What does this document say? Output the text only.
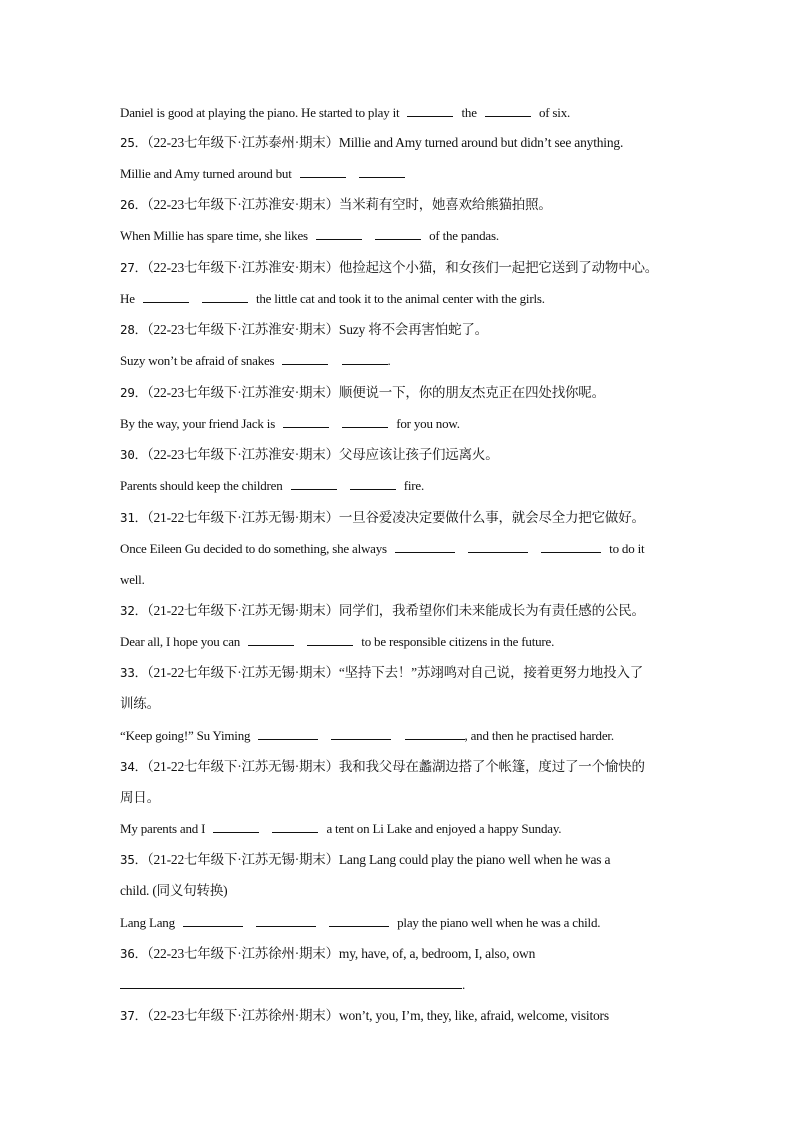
Daniel is good at playing the piano. He started to play it	the	of six.
25．（22-23七年级下·江苏泰州·期末）Millie and Amy turned around but didn’t see anything.
Millie and Amy turned around but
26．（22-23七年级下·江苏淮安·期末）当米莉有空时，她喜欢给熊猫拍照。
When Millie has spare time, she likes	of the pandas.
27．（22-23七年级下·江苏淮安·期末）他捡起这个小猫，和女孩们一起把它送到了动物中心。
He	the little cat and took it to the animal center with the girls.
28．（22-23七年级下·江苏淮安·期末）Suzy 将不会再害怕蛇了。
Suzy won’t be afraid of snakes	.
29．（22-23七年级下·江苏淮安·期末）顺便说一下，你的朋友杰克正在四处找你呢。
By the way, your friend Jack is	for you now.
30．（22-23七年级下·江苏淮安·期末）父母应该让孩子们远离火。
Parents should keep the children	fire.
31．（21-22七年级下·江苏无锡·期末）一旦谷爱凌决定要做什么事，就会尽全力把它做好。
Once Eileen Gu decided to do something, she always	to do it
well.
32．（21-22七年级下·江苏无锡·期末）同学们，我希望你们未来能成长为有责任感的公民。
Dear all, I hope you can	to be responsible citizens in the future.
33．（21-22七年级下·江苏无锡·期末）“坚持下去！”苏翊鸣对自己说，接着更努力地投入了
训练。
“Keep going!” Su Yiming	, and then he practised harder.
34．（21-22七年级下·江苏无锡·期末）我和我父母在蠡湖边搭了个帐篷，度过了一个愉快的
周日。
My parents and I	a tent on Li Lake and enjoyed a happy Sunday.
35．（21-22七年级下·江苏无锡·期末）Lang Lang could play the piano well when he was a
child. (同义句转换)
Lang Lang	play the piano well when he was a child.
36．（22-23七年级下·江苏徐州·期末）my, have, of, a, bedroom, I, also, own
.
37．（22-23七年级下·江苏徐州·期末）won’t, you, I’m, they, like, afraid, welcome, visitors
